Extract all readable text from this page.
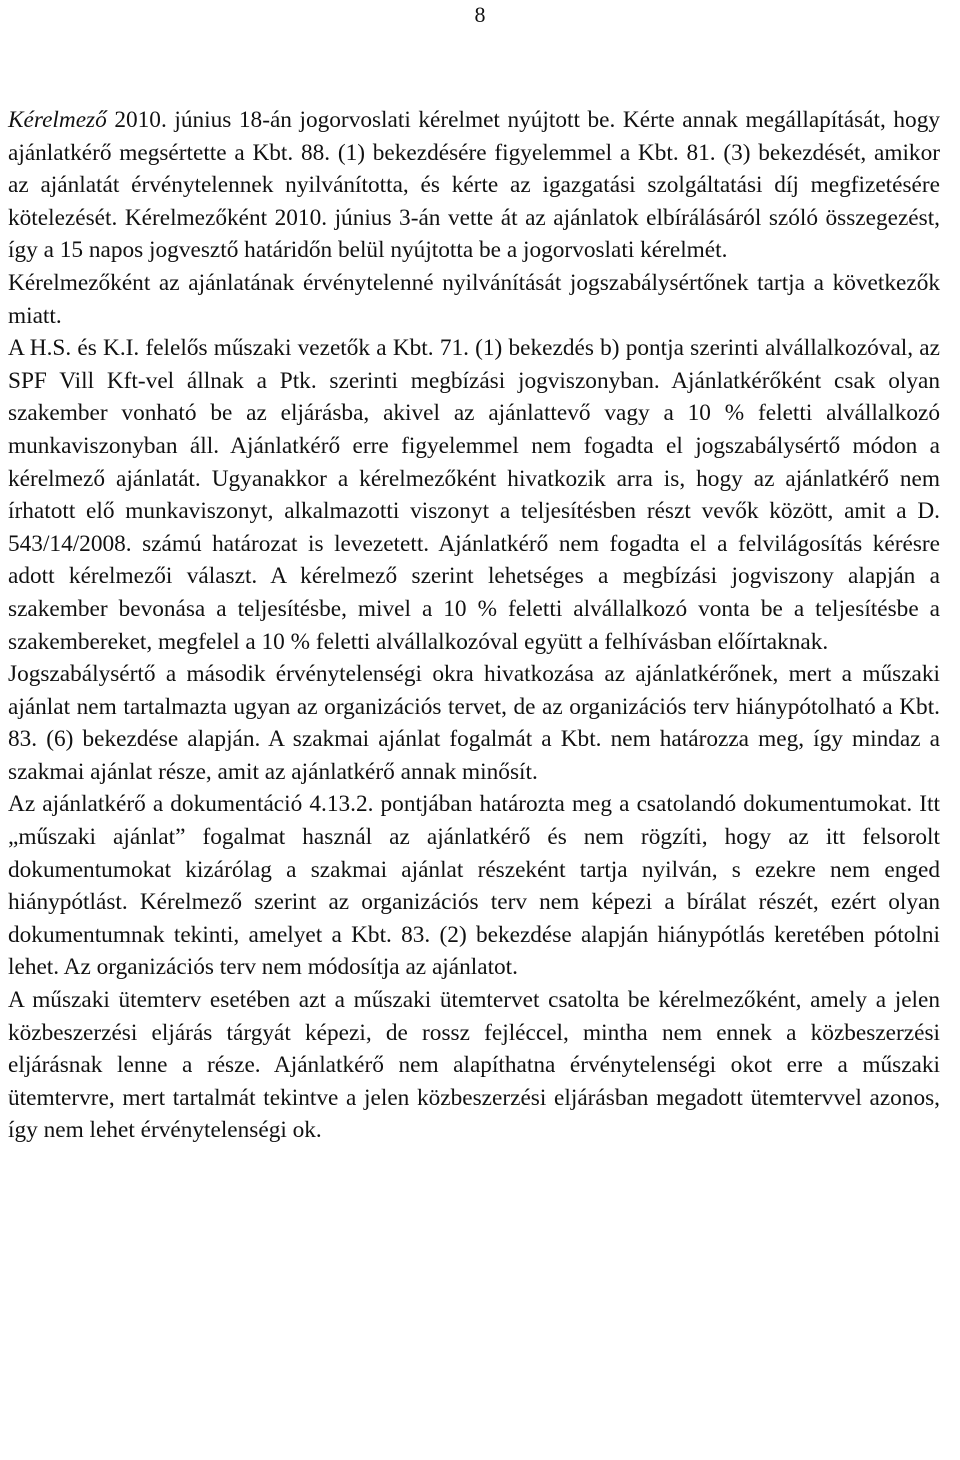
8

Kérelmező 2010. június 18-án jogorvoslati kérelmet nyújtott be. Kérte annak megállapítását, hogy ajánlatkérő megsértette a Kbt. 88. (1) bekezdésére figyelemmel a Kbt. 81. (3) bekezdését, amikor az ajánlatát érvénytelennek nyilvánította, és kérte az igazgatási szolgáltatási díj megfizetésére kötelezését. Kérelmezőként 2010. június 3-án vette át az ajánlatok elbírálásáról szóló összegezést, így a 15 napos jogvesztő határidőn belül nyújtotta be a jogorvoslati kérelmét.

Kérelmezőként az ajánlatának érvénytelenné nyilvánítását jogszabálysértőnek tartja a következők miatt.

A H.S. és K.I. felelős műszaki vezetők a Kbt. 71. (1) bekezdés b) pontja szerinti alvállalkozóval, az SPF Vill Kft-vel állnak a Ptk. szerinti megbízási jogviszonyban. Ajánlatkérőként csak olyan szakember vonható be az eljárásba, akivel az ajánlattevő vagy a 10 % feletti alvállalkozó munkaviszonyban áll. Ajánlatkérő erre figyelemmel nem fogadta el jogszabálysértő módon a kérelmező ajánlatát. Ugyanakkor a kérelmezőként hivatkozik arra is, hogy az ajánlatkérő nem írhatott elő munkaviszonyt, alkalmazotti viszonyt a teljesítésben részt vevők között, amit a D. 543/14/2008. számú határozat is levezetett. Ajánlatkérő nem fogadta el a felvilágosítás kérésre adott kérelmezői választ. A kérelmező szerint lehetséges a megbízási jogviszony alapján a szakember bevonása a teljesítésbe, mivel a 10 % feletti alvállalkozó vonta be a teljesítésbe a szakembereket, megfelel a 10 % feletti alvállalkozóval együtt a felhívásban előírtaknak.

Jogszabálysértő a második érvénytelenségi okra hivatkozása az ajánlatkérőnek, mert a műszaki ajánlat nem tartalmazta ugyan az organizációs tervet, de az organizációs terv hiánypótolható a Kbt. 83. (6) bekezdése alapján. A szakmai ajánlat fogalmát a Kbt. nem határozza meg, így mindaz a szakmai ajánlat része, amit az ajánlatkérő annak minősít.

Az ajánlatkérő a dokumentáció 4.13.2. pontjában határozta meg a csatolandó dokumentumokat. Itt „műszaki ajánlat” fogalmat használ az ajánlatkérő és nem rögzíti, hogy az itt felsorolt dokumentumokat kizárólag a szakmai ajánlat részeként tartja nyilván, s ezekre nem enged hiánypótlást. Kérelmező szerint az organizációs terv nem képezi a bírálat részét, ezért olyan dokumentumnak tekinti, amelyet a Kbt. 83. (2) bekezdése alapján hiánypótlás keretében pótolni lehet. Az organizációs terv nem módosítja az ajánlatot.

A műszaki ütemterv esetében azt a műszaki ütemtervet csatolta be kérelmezőként, amely a jelen közbeszerzési eljárás tárgyát képezi, de rossz fejléccel, mintha nem ennek a közbeszerzési eljárásnak lenne a része. Ajánlatkérő nem alapíthatna érvénytelenségi okot erre a műszaki ütemtervre, mert tartalmát tekintve a jelen közbeszerzési eljárásban megadott ütemtervvel azonos, így nem lehet érvénytelenségi ok.
